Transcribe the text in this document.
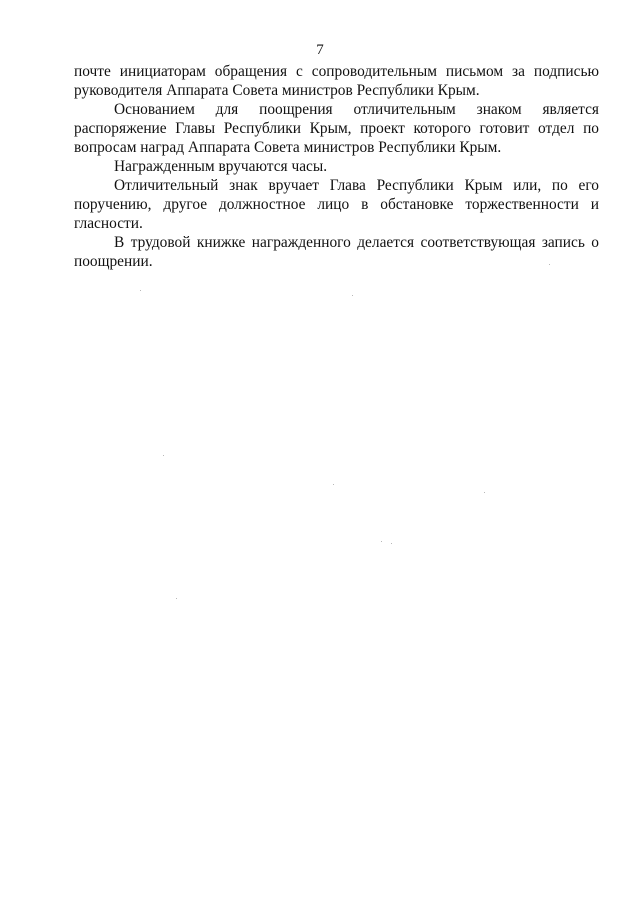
7

почте инициаторам обращения с сопроводительным письмом за подписью руководителя Аппарата Совета министров Республики Крым.

Основанием для поощрения отличительным знаком является распоряжение Главы Республики Крым, проект которого готовит отдел по вопросам наград Аппарата Совета министров Республики Крым.

Награжденным вручаются часы.

Отличительный знак вручает Глава Республики Крым или, по его поручению, другое должностное лицо в обстановке торжественности и гласности.

В трудовой книжке награжденного делается соответствующая запись о поощрении.
